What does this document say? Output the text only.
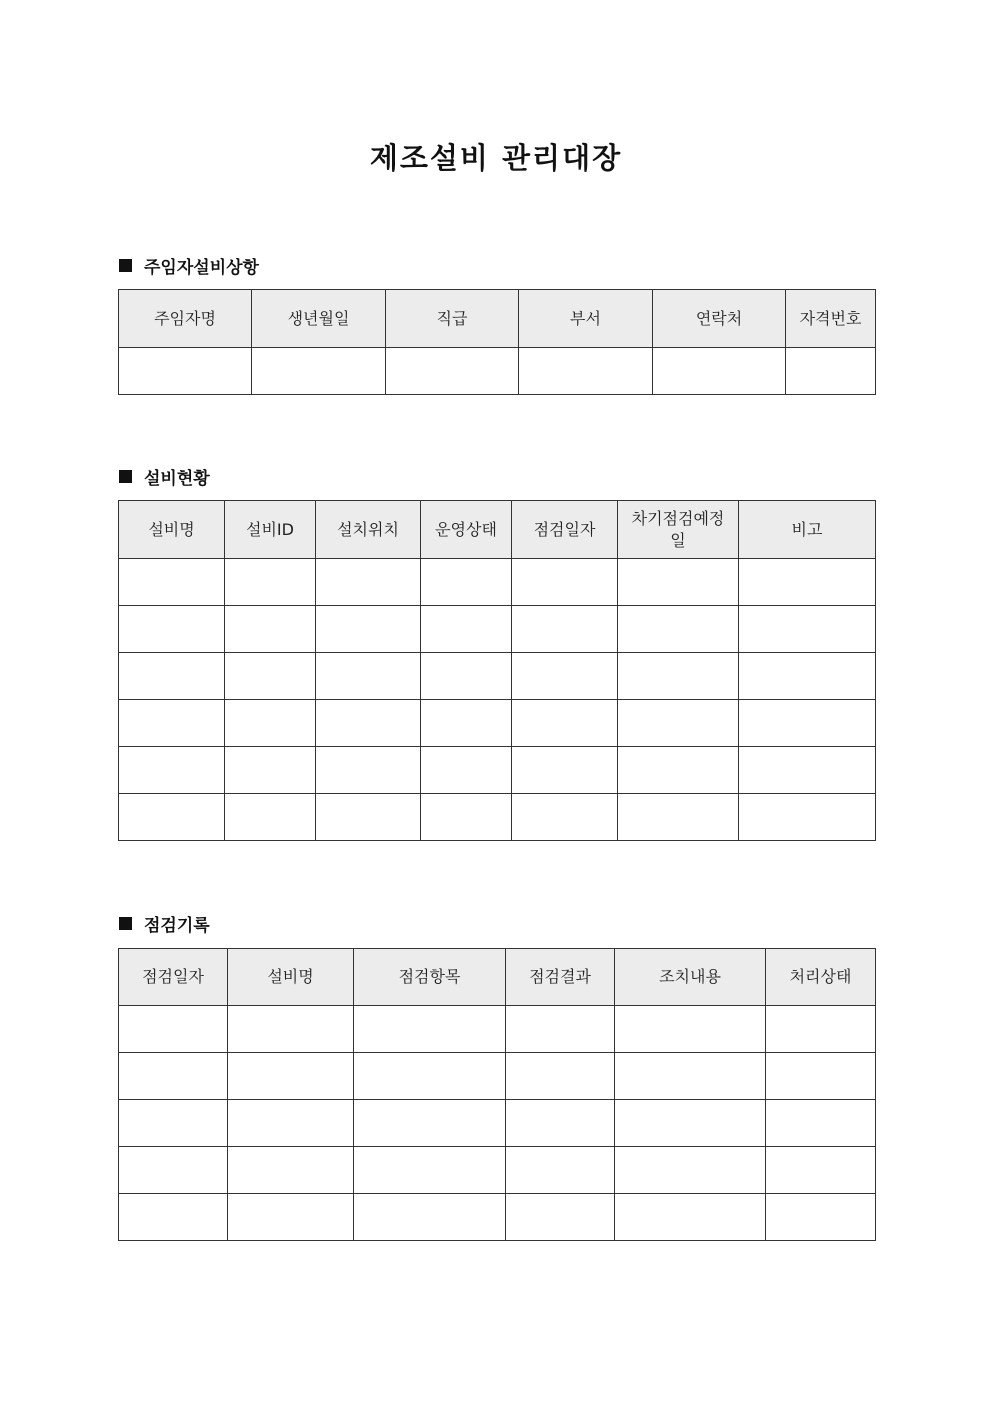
제조설비 관리대장
주임자설비상항
주임자명	생년월일	직급	부서	연락처	자격번호

설비현황
설비명	설비ID	설치위치	운영상태	점검일자	차기점검예정일	비고

점검기록
점검일자	설비명	점검항목	점검결과	조치내용	처리상태
